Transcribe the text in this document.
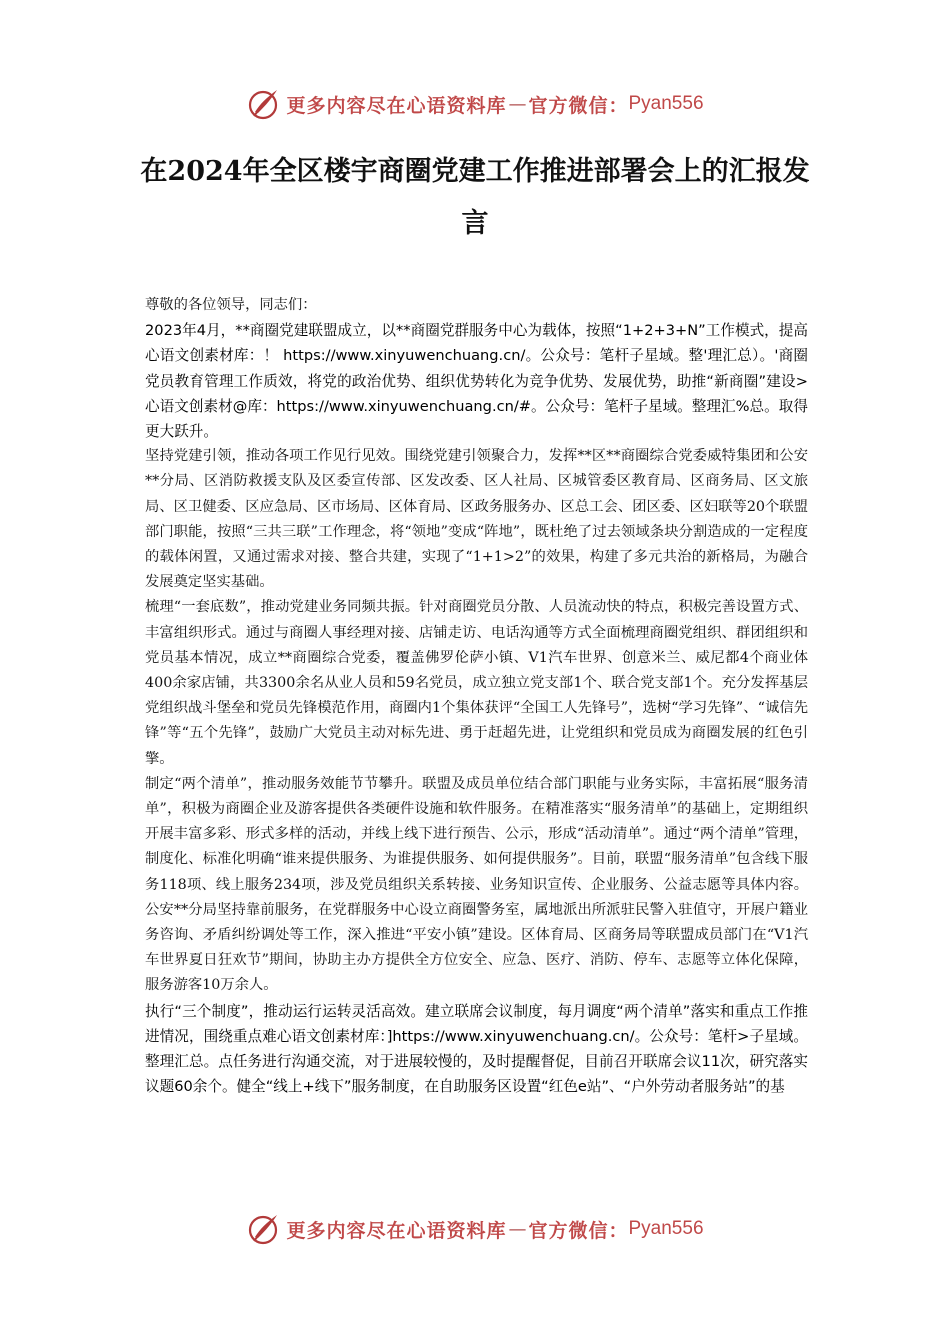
更多内容尽在心语资料库 — 官方微信： Pyan556
在2024年全区楼宇商圈党建工作推进部署会上的汇报发言

尊敬的各位领导，同志们：

2023年4月，**商圈党建联盟成立，以**商圈党群服务中心为载体，按照“1+2+3+N”工作模式，提高心语文创素材库：！ https://www.xinyuwenchuang.cn/。公众号：笔杆子星域。整'理汇总）。'商圈党员教育管理工作质效，将党的政治优势、组织优势转化为竞争优势、发展优势，助推“新商圈”建设>心语文创素材@库：https://www.xinyuwenchuang.cn/#。公众号：笔杆子星域。整理汇%总。取得更大跃升。

坚持党建引领，推动各项工作见行见效。围绕党建引领聚合力，发挥**区**商圈综合党委威特集团和公安**分局、区消防救援支队及区委宣传部、区发改委、区人社局、区城管委区教育局、区商务局、区文旅局、区卫健委、区应急局、区市场局、区体育局、区政务服务办、区总工会、团区委、区妇联等20个联盟部门职能，按照“三共三联”工作理念，将“领地”变成“阵地”，既杜绝了过去领域条块分割造成的一定程度的载体闲置，又通过需求对接、整合共建，实现了“1+1>2”的效果，构建了多元共治的新格局，为融合发展奠定坚实基础。

梳理“一套底数”，推动党建业务同频共振。针对商圈党员分散、人员流动快的特点，积极完善设置方式、丰富组织形式。通过与商圈人事经理对接、店铺走访、电话沟通等方式全面梳理商圈党组织、群团组织和党员基本情况，成立**商圈综合党委，覆盖佛罗伦萨小镇、V1汽车世界、创意米兰、威尼都4个商业体400余家店铺，共3300余名从业人员和59名党员，成立独立党支部1个、联合党支部1个。充分发挥基层党组织战斗堡垒和党员先锋模范作用，商圈内1个集体获评“全国工人先锋号”，选树“学习先锋”、“诚信先锋”等“五个先锋”，鼓励广大党员主动对标先进、勇于赶超先进，让党组织和党员成为商圈发展的红色引擎。

制定“两个清单”，推动服务效能节节攀升。联盟及成员单位结合部门职能与业务实际，丰富拓展“服务清单”，积极为商圈企业及游客提供各类硬件设施和软件服务。在精准落实“服务清单”的基础上，定期组织开展丰富多彩、形式多样的活动，并线上线下进行预告、公示，形成“活动清单”。通过“两个清单”管理，制度化、标准化明确“谁来提供服务、为谁提供服务、如何提供服务”。目前，联盟“服务清单”包含线下服务118项、线上服务234项，涉及党员组织关系转接、业务知识宣传、企业服务、公益志愿等具体内容。公安**分局坚持靠前服务，在党群服务中心设立商圈警务室，属地派出所派驻民警入驻值守，开展户籍业务咨询、矛盾纠纷调处等工作，深入推进“平安小镇”建设。区体育局、区商务局等联盟成员部门在“V1汽车世界夏日狂欢节”期间，协助主办方提供全方位安全、应急、医疗、消防、停车、志愿等立体化保障，服务游客10万余人。

执行“三个制度”，推动运行运转灵活高效。建立联席会议制度，每月调度“两个清单”落实和重点工作推进情况，围绕重点难心语文创素材库：]https://www.xinyuwenchuang.cn/。公众号：笔杆>子星域。整理汇总。点任务进行沟通交流，对于进展较慢的，及时提醒督促，目前召开联席会议11次，研究落实议题60余个。健全“线上+线下”服务制度，在自助服务区设置“红色e站”、“户外劳动者服务站”的基

更多内容尽在心语资料库 — 官方微信： Pyan556
